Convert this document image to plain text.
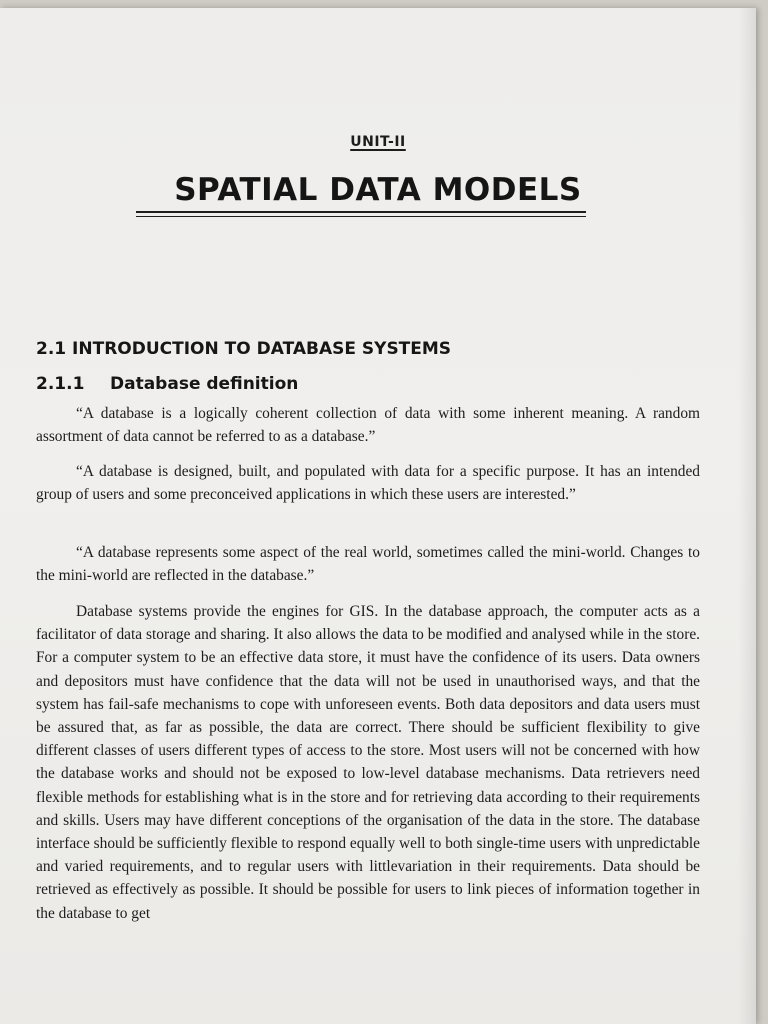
UNIT-II
SPATIAL DATA MODELS
2.1 INTRODUCTION TO DATABASE SYSTEMS
2.1.1 Database definition

“A database is a logically coherent collection of data with some inherent meaning. A random assortment of data cannot be referred to as a database.”

“A database is designed, built, and populated with data for a specific purpose. It has an intended group of users and some preconceived applications in which these users are interested.”

“A database represents some aspect of the real world, sometimes called the mini-world. Changes to the mini-world are reflected in the database.”

Database systems provide the engines for GIS. In the database approach, the computer acts as a facilitator of data storage and sharing. It also allows the data to be modified and analysed while in the store. For a computer system to be an effective data store, it must have the confidence of its users. Data owners and depositors must have confidence that the data will not be used in unauthorised ways, and that the system has fail-safe mechanisms to cope with unforeseen events. Both data depositors and data users must be assured that, as far as possible, the data are correct. There should be sufficient flexibility to give different classes of users different types of access to the store. Most users will not be concerned with how the database works and should not be exposed to low-level database mechanisms. Data retrievers need flexible methods for establishing what is in the store and for retrieving data according to their requirements and skills. Users may have different conceptions of the organisation of the data in the store. The database interface should be sufficiently flexible to respond equally well to both single-time users with unpredictable and varied requirements, and to regular users with littlevariation in their requirements. Data should be retrieved as effectively as possible. It should be possible for users to link pieces of information together in the database to get
